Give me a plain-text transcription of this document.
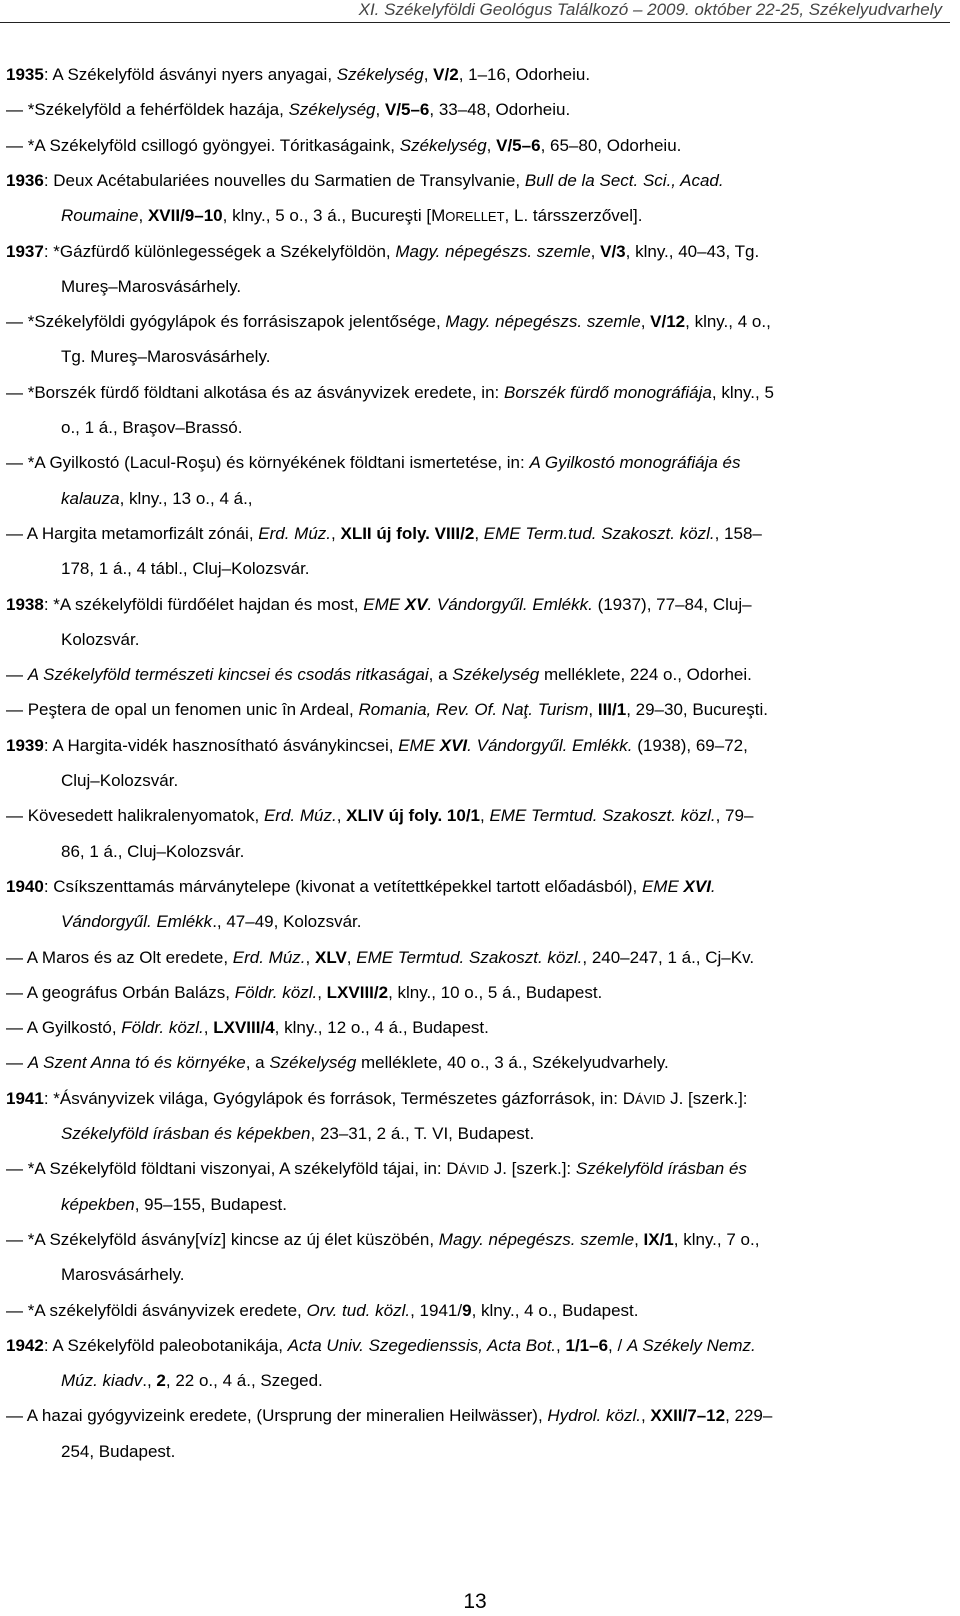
XI. Székelyföldi Geológus Találkozó – 2009. október 22-25, Székelyudvarhely
1935: A Székelyföld ásványi nyers anyagai, Székelység, V/2, 1–16, Odorheiu.
— *Székelyföld a fehérföldek hazája, Székelység, V/5–6, 33–48, Odorheiu.
— *A Székelyföld csillogó gyöngyei. Tóritkaságaink, Székelység, V/5–6, 65–80, Odorheiu.
1936: Deux Acétabulariées nouvelles du Sarmatien de Transylvanie, Bull de la Sect. Sci., Acad.
Roumaine, XVII/9–10, klny., 5 o., 3 á., Bucureşti [MORELLET, L. társszerzővel].
1937: *Gázfürdő különlegességek a Székelyföldön, Magy. népegészs. szemle, V/3, klny., 40–43, Tg.
Mureş–Marosvásárhely.
— *Székelyföldi gyógylápok és forrásiszapok jelentősége, Magy. népegészs. szemle, V/12, klny., 4 o.,
Tg. Mureş–Marosvásárhely.
— *Borszék fürdő földtani alkotása és az ásványvizek eredete, in: Borszék fürdő monográfiája, klny., 5
o., 1 á., Braşov–Brassó.
— *A Gyilkostó (Lacul-Roşu) és környékének földtani ismertetése, in: A Gyilkostó monográfiája és
kalauza, klny., 13 o., 4 á.,
— A Hargita metamorfizált zónái, Erd. Múz., XLII új foly. VIII/2, EME Term.tud. Szakoszt. közl., 158–
178, 1 á., 4 tábl., Cluj–Kolozsvár.
1938: *A székelyföldi fürdőélet hajdan és most, EME XV. Vándorgyűl. Emlékk. (1937), 77–84, Cluj–
Kolozsvár.
— A Székelyföld természeti kincsei és csodás ritkaságai, a Székelység melléklete, 224 o., Odorhei.
— Peştera de opal un fenomen unic în Ardeal, Romania, Rev. Of. Naţ. Turism, III/1, 29–30, Bucureşti.
1939: A Hargita-vidék hasznosítható ásványkincsei, EME XVI. Vándorgyűl. Emlékk. (1938), 69–72,
Cluj–Kolozsvár.
— Kövesedett halikralenyomatok, Erd. Múz., XLIV új foly. 10/1, EME Termtud. Szakoszt. közl., 79–
86, 1 á., Cluj–Kolozsvár.
1940: Csíkszenttamás márványtelepe (kivonat a vetítettképekkel tartott előadásból), EME XVI.
Vándorgyűl. Emlékk., 47–49, Kolozsvár.
— A Maros és az Olt eredete, Erd. Múz., XLV, EME Termtud. Szakoszt. közl., 240–247, 1 á., Cj–Kv.
— A geográfus Orbán Balázs, Földr. közl., LXVIII/2, klny., 10 o., 5 á., Budapest.
— A Gyilkostó, Földr. közl., LXVIII/4, klny., 12 o., 4 á., Budapest.
— A Szent Anna tó és környéke, a Székelység melléklete, 40 o., 3 á., Székelyudvarhely.
1941: *Ásványvizek világa, Gyógylápok és források, Természetes gázforrások, in: DÁVID J. [szerk.]:
Székelyföld írásban és képekben, 23–31, 2 á., T. VI, Budapest.
— *A Székelyföld földtani viszonyai, A székelyföld tájai, in: DÁVID J. [szerk.]: Székelyföld írásban és
képekben, 95–155, Budapest.
— *A Székelyföld ásvány[víz] kincse az új élet küszöbén, Magy. népegészs. szemle, IX/1, klny., 7 o.,
Marosvásárhely.
— *A székelyföldi ásványvizek eredete, Orv. tud. közl., 1941/9, klny., 4 o., Budapest.
1942: A Székelyföld paleobotanikája, Acta Univ. Szegedienssis, Acta Bot., 1/1–6, / A Székely Nemz.
Múz. kiadv., 2, 22 o., 4 á., Szeged.
— A hazai gyógyvizeink eredete, (Ursprung der mineralien Heilwässer), Hydrol. közl., XXII/7–12, 229–
254, Budapest.
13
